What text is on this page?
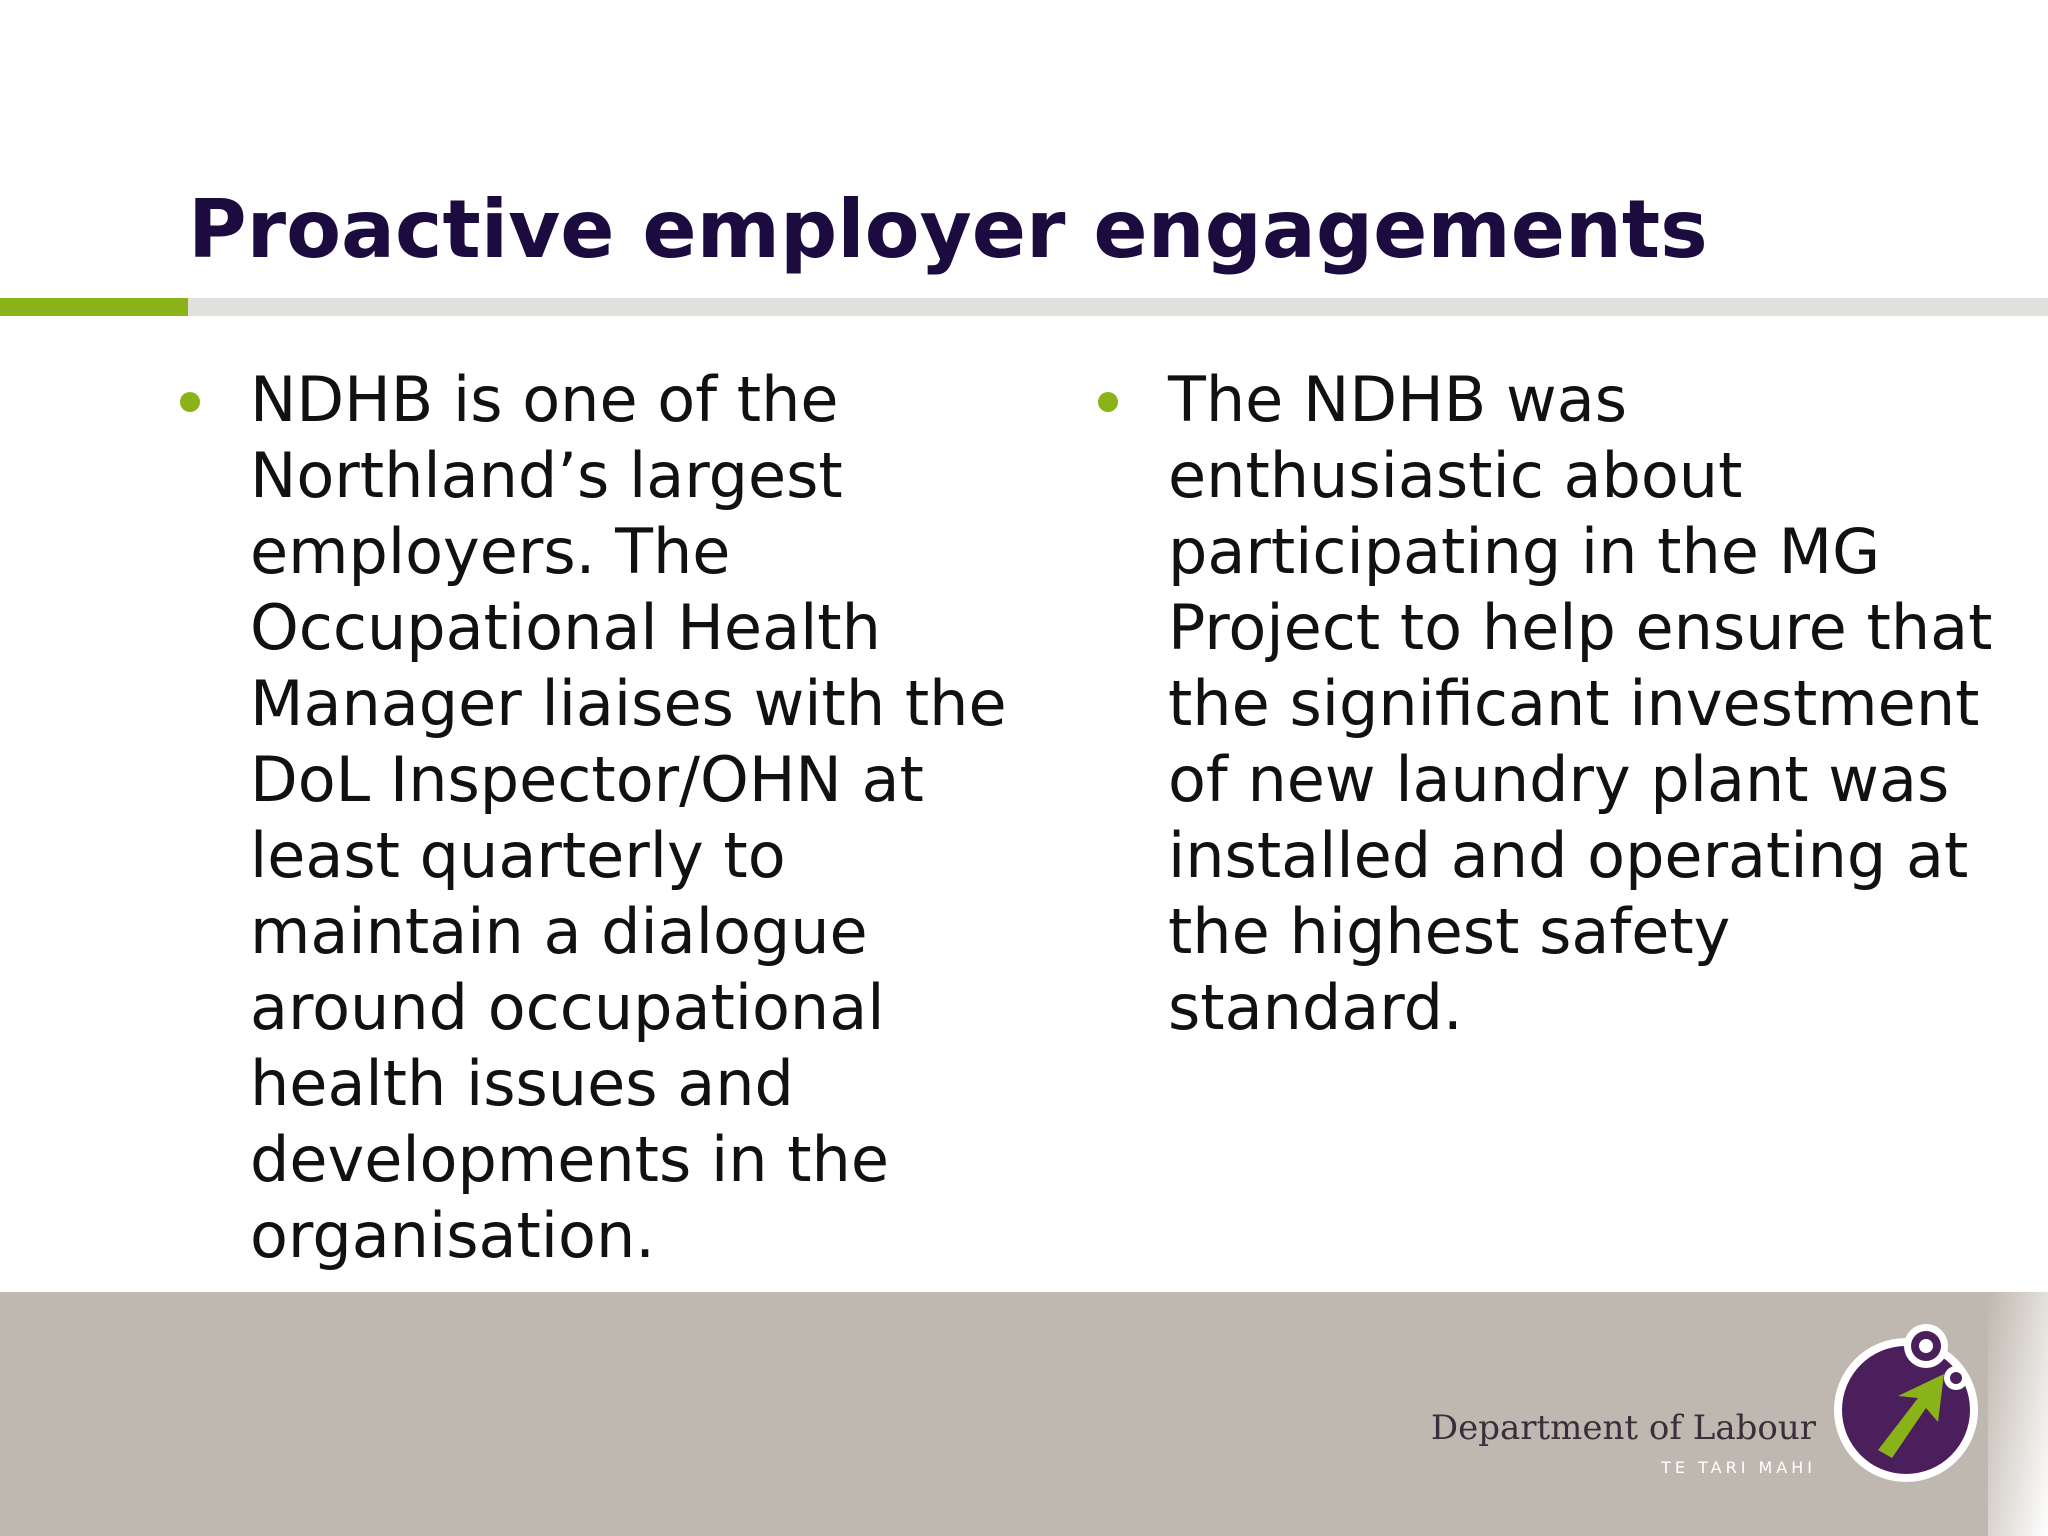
Proactive employer engagements
NDHB is one of the Northland’s largest employers. The Occupational Health Manager liaises with the DoL Inspector/OHN at least quarterly to maintain a dialogue around occupational health issues and developments in the organisation.
The NDHB was enthusiastic about participating in the MG Project to help ensure that the significant investment of new laundry plant was installed and operating at the highest safety standard.
Department of Labour
TE TARI MAHI
